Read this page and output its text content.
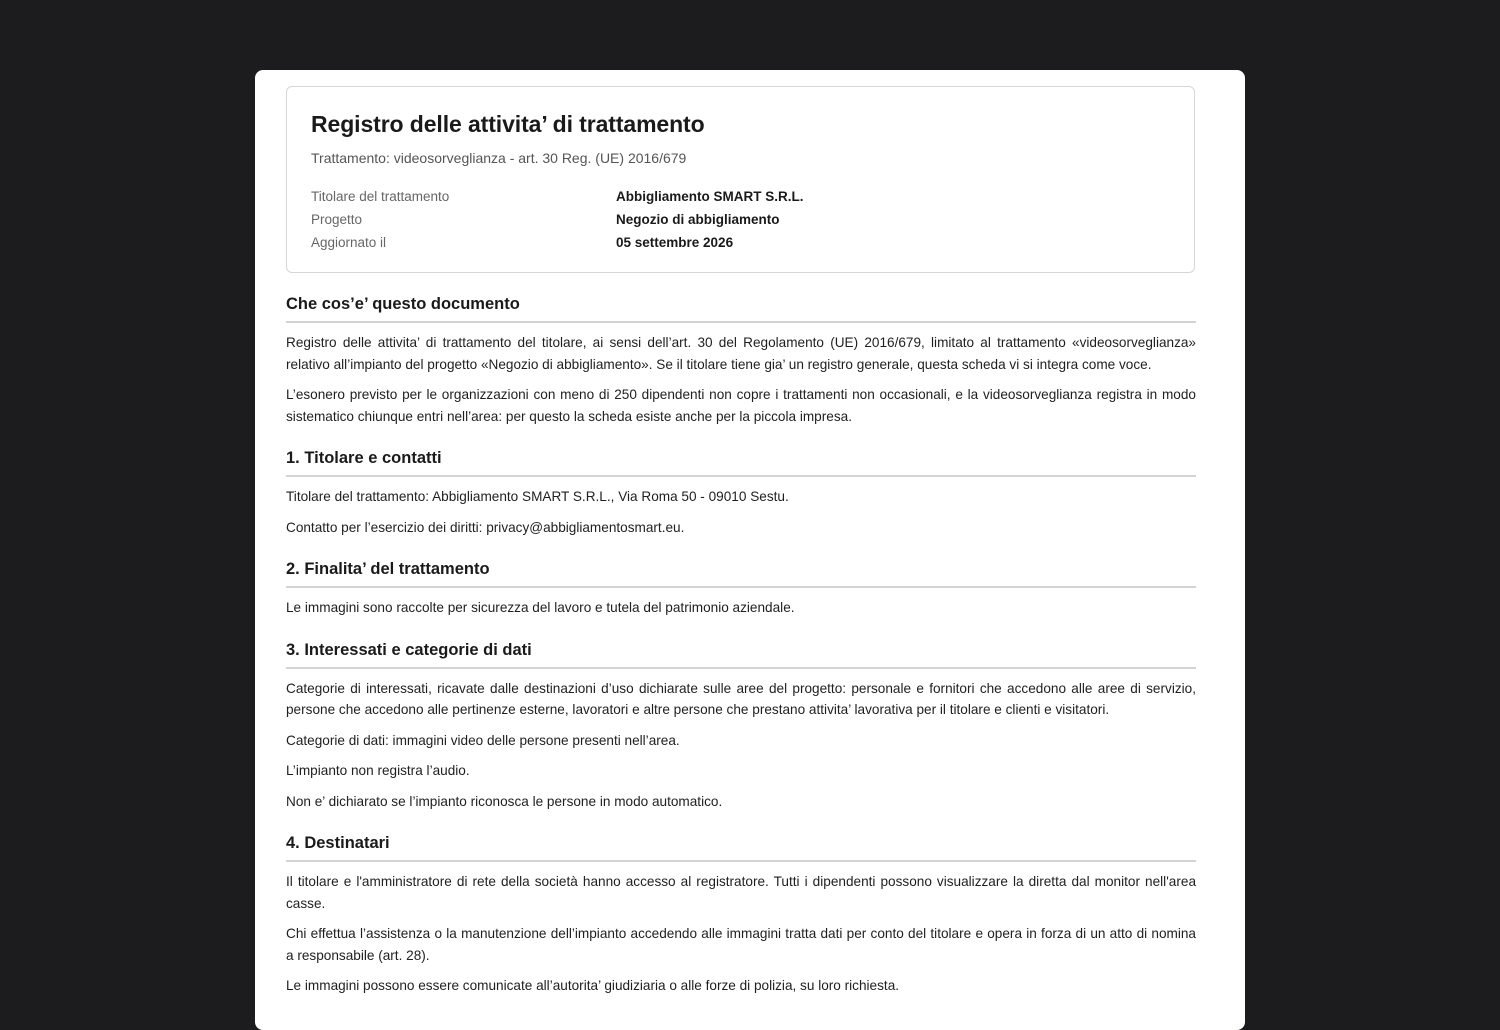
Registro delle attivita’ di trattamento
Trattamento: videosorveglianza - art. 30 Reg. (UE) 2016/679
Titolare del trattamento	Abbigliamento SMART S.R.L.
Progetto	Negozio di abbigliamento
Aggiornato il	05 settembre 2026
Che cos’e’ questo documento

Registro delle attivita’ di trattamento del titolare, ai sensi dell’art. 30 del Regolamento (UE) 2016/679, limitato al trattamento «videosorveglianza» relativo all’impianto del progetto «Negozio di abbigliamento». Se il titolare tiene gia’ un registro generale, questa scheda vi si integra come voce.

L’esonero previsto per le organizzazioni con meno di 250 dipendenti non copre i trattamenti non occasionali, e la videosorveglianza registra in modo sistematico chiunque entri nell’area: per questo la scheda esiste anche per la piccola impresa.

1. Titolare e contatti

Titolare del trattamento: Abbigliamento SMART S.R.L., Via Roma 50 - 09010 Sestu.

Contatto per l’esercizio dei diritti: privacy@abbigliamentosmart.eu.

2. Finalita’ del trattamento

Le immagini sono raccolte per sicurezza del lavoro e tutela del patrimonio aziendale.

3. Interessati e categorie di dati

Categorie di interessati, ricavate dalle destinazioni d’uso dichiarate sulle aree del progetto: personale e fornitori che accedono alle aree di servizio, persone che accedono alle pertinenze esterne, lavoratori e altre persone che prestano attivita’ lavorativa per il titolare e clienti e visitatori.

Categorie di dati: immagini video delle persone presenti nell’area.

L’impianto non registra l’audio.

Non e’ dichiarato se l’impianto riconosca le persone in modo automatico.

4. Destinatari

Il titolare e l'amministratore di rete della società hanno accesso al registratore. Tutti i dipendenti possono visualizzare la diretta dal monitor nell'area casse.

Chi effettua l’assistenza o la manutenzione dell’impianto accedendo alle immagini tratta dati per conto del titolare e opera in forza di un atto di nomina a responsabile (art. 28).

Le immagini possono essere comunicate all’autorita’ giudiziaria o alle forze di polizia, su loro richiesta.
